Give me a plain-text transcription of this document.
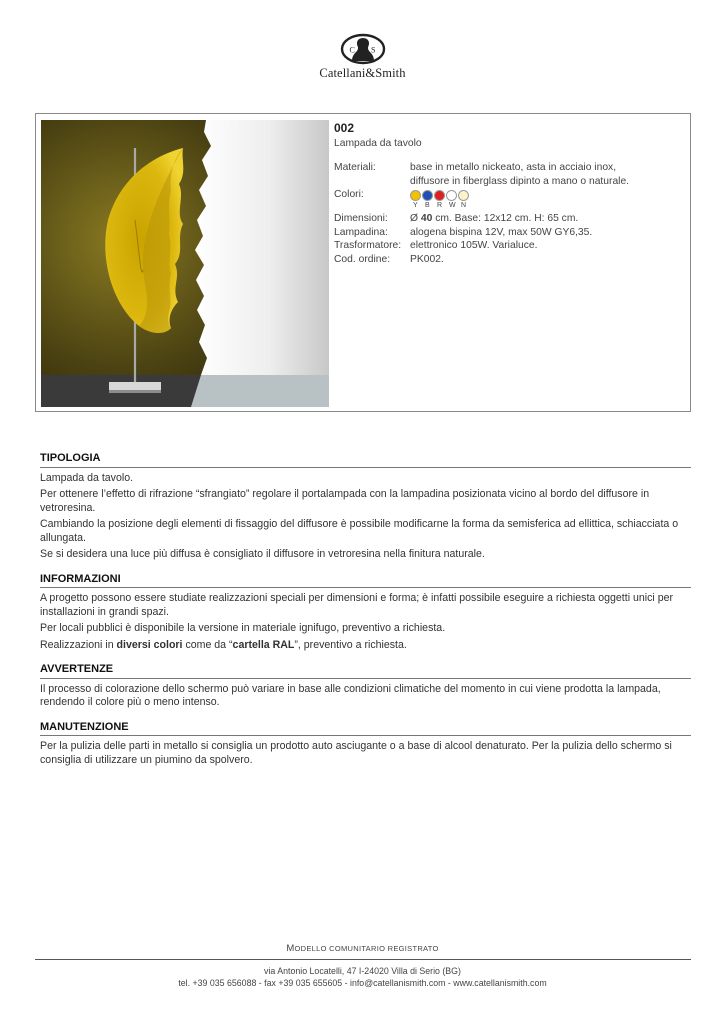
C S
Catellani&Smith
002
Lampada da tavolo
Materiali:	base in metallo nickeato, asta in acciaio inox,
diffusore in fiberglass dipinto a mano o naturale.
Colori:
Y	B	R W N
Dimensioni:	Ø 40 cm. Base: 12x12 cm. H: 65 cm.
Lampadina:	alogena bispina 12V, max 50W GY6,35.
Trasformatore: elettronico 105W. Varialuce.
Cod. ordine:	PK002.
TIPOLOGIA

Lampada da tavolo.

Per ottenere l’effetto di rifrazione “sfrangiato” regolare il portalampada con la lampadina posizionata vicino al bordo del diffusore in vetroresina.

Cambiando la posizione degli elementi di fissaggio del diffusore è possibile modificarne la forma da semisferica ad ellittica, schiacciata o allungata.

Se si desidera una luce più diffusa è consigliato il diffusore in vetroresina nella finitura naturale.

INFORMAZIONI

A progetto possono essere studiate realizzazioni speciali per dimensioni e forma; è infatti possibile eseguire a richiesta oggetti unici per installazioni in grandi spazi.

Per locali pubblici è disponibile la versione in materiale ignifugo, preventivo a richiesta.

Realizzazioni in diversi colori come da “cartella RAL”, preventivo a richiesta.

AVVERTENZE

Il processo di colorazione dello schermo può variare in base alle condizioni climatiche del momento in cui viene prodotta la lampada, rendendo il colore più o meno intenso.

MANUTENZIONE

Per la pulizia delle parti in metallo si consiglia un prodotto auto asciugante o a base di alcool denaturato. Per la pulizia dello schermo si consiglia di utilizzare un piumino da spolvero.

MODELLO COMUNITARIO REGISTRATO
via Antonio Locatelli, 47 I-24020 Villa di Serio (BG)
tel. +39 035 656088 - fax +39 035 655605 - info@catellanismith.com - www.catellanismith.com
